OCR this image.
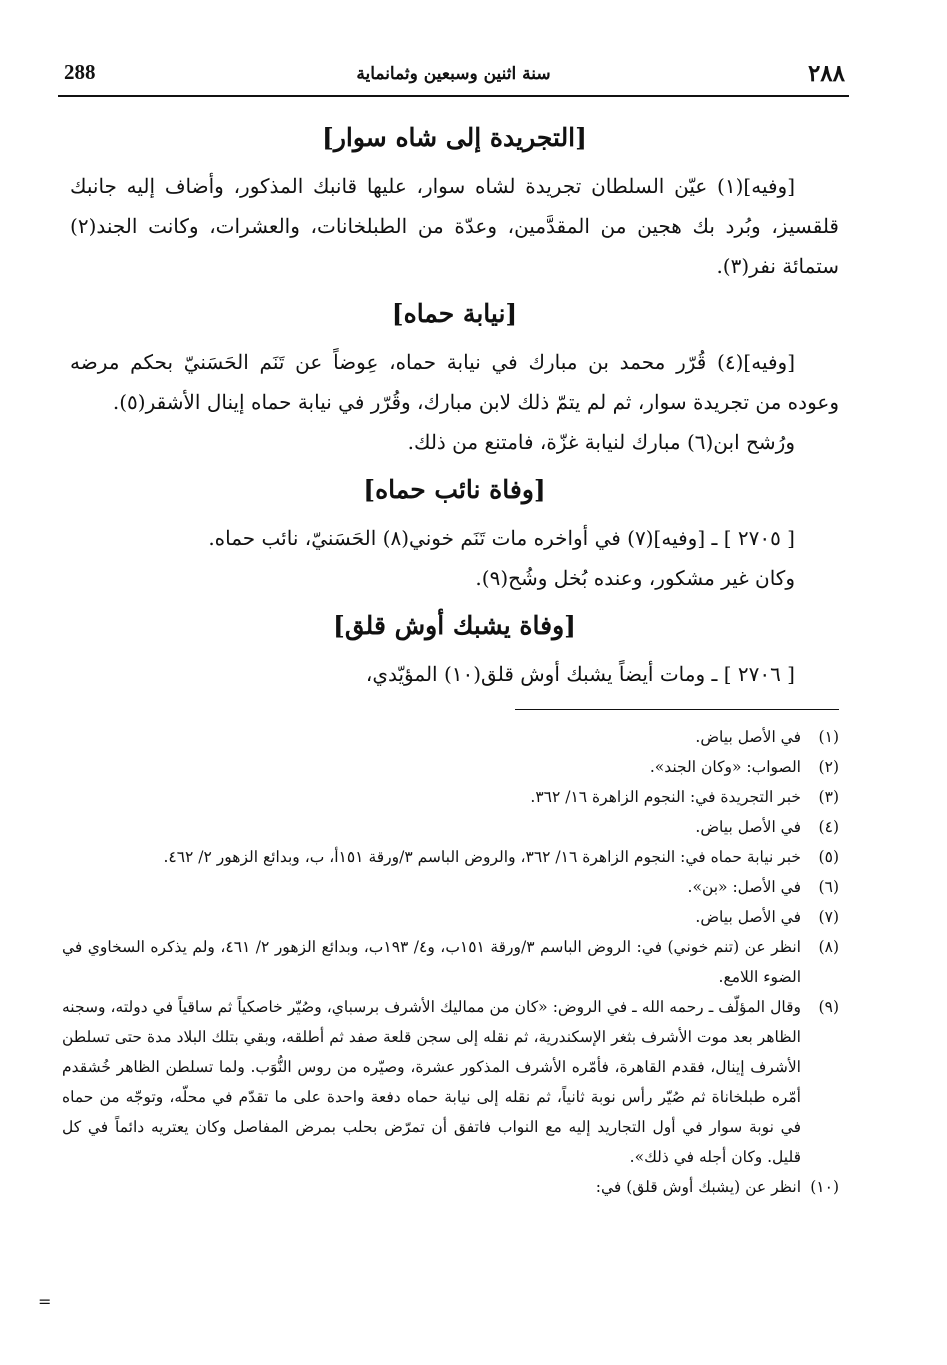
288	سنة اثنين وسبعين وثمانماية	٢٨٨
[التجريدة إلى شاه سوار]

[وفيه](١) عيّن السلطان تجريدة لشاه سوار، عليها قانبك المذكور، وأضاف إليه جانبك قلقسيز، وبُرد بك هجين من المقدَّمين، وعدّة من الطبلخانات، والعشرات، وكانت الجند(٢) ستمائة نفر(٣).

[نيابة حماه]

[وفيه](٤) قُرّر محمد بن مبارك في نيابة حماه، عِوضاً عن تَنَم الحَسَنيّ بحكم مرضه وعوده من تجريدة سوار، ثم لم يتمّ ذلك لابن مبارك، وقُرّر في نيابة حماه إينال الأشقر(٥).

ورُشح ابن(٦) مبارك لنيابة غزّة، فامتنع من ذلك.

[وفاة نائب حماه]

[ ٢٧٠٥ ] ـ [وفيه](٧) في أواخره مات تَنَم خوني(٨) الحَسَنيّ، نائب حماه.

وكان غير مشكور، وعنده بُخل وشُح(٩).

[وفاة يشبك أوش قلق]

[ ٢٧٠٦ ] ـ ومات أيضاً يشبك أوش قلق(١٠) المؤيّدي،

(١)
في الأصل بياض.
(٢)
الصواب: «وكان الجند».
(٣)
خبر التجريدة في: النجوم الزاهرة ١٦/ ٣٦٢.
(٤)
في الأصل بياض.
(٥)
خبر نيابة حماه في: النجوم الزاهرة ١٦/ ٣٦٢، والروض الباسم ٣/ورقة ١٥١أ، ب، وبدائع الزهور ٢/ ٤٦٢.
(٦)
في الأصل: «بن».
(٧)
في الأصل بياض.
(٨)
انظر عن (تنم خوني) في: الروض الباسم ٣/ورقة ١٥١ب، و٤/ ١٩٣ب، وبدائع الزهور ٢/ ٤٦١، ولم يذكره السخاوي في الضوء اللامع.
(٩)
وقال المؤلّف ـ رحمه الله ـ في الروض: «كان من مماليك الأشرف برسباي، وصُيّر خاصكياً ثم ساقياً في دولته، وسجنه الظاهر بعد موت الأشرف بثغر الإسكندرية، ثم نقله إلى سجن قلعة صفد ثم أطلقه، وبقي بتلك البلاد مدة حتى تسلطن الأشرف إينال، فقدم القاهرة، فأمّره الأشرف المذكور عشرة، وصيّره من روس النُّوَب. ولما تسلطن الظاهر خُشقدم أمّره طبلخاناة ثم صُيّر رأس نوبة ثانياً، ثم نقله إلى نيابة حماه دفعة واحدة على ما تقدّم في محلّه، وتوجّه من حماه في نوبة سوار في أول التجاريد إليه مع النواب فاتفق أن تمرّض بحلب بمرض المفاصل وكان يعتريه دائماً في كل قليل. وكان أجله في ذلك».
(١٠)
انظر عن (يشبك أوش قلق) في:
=
